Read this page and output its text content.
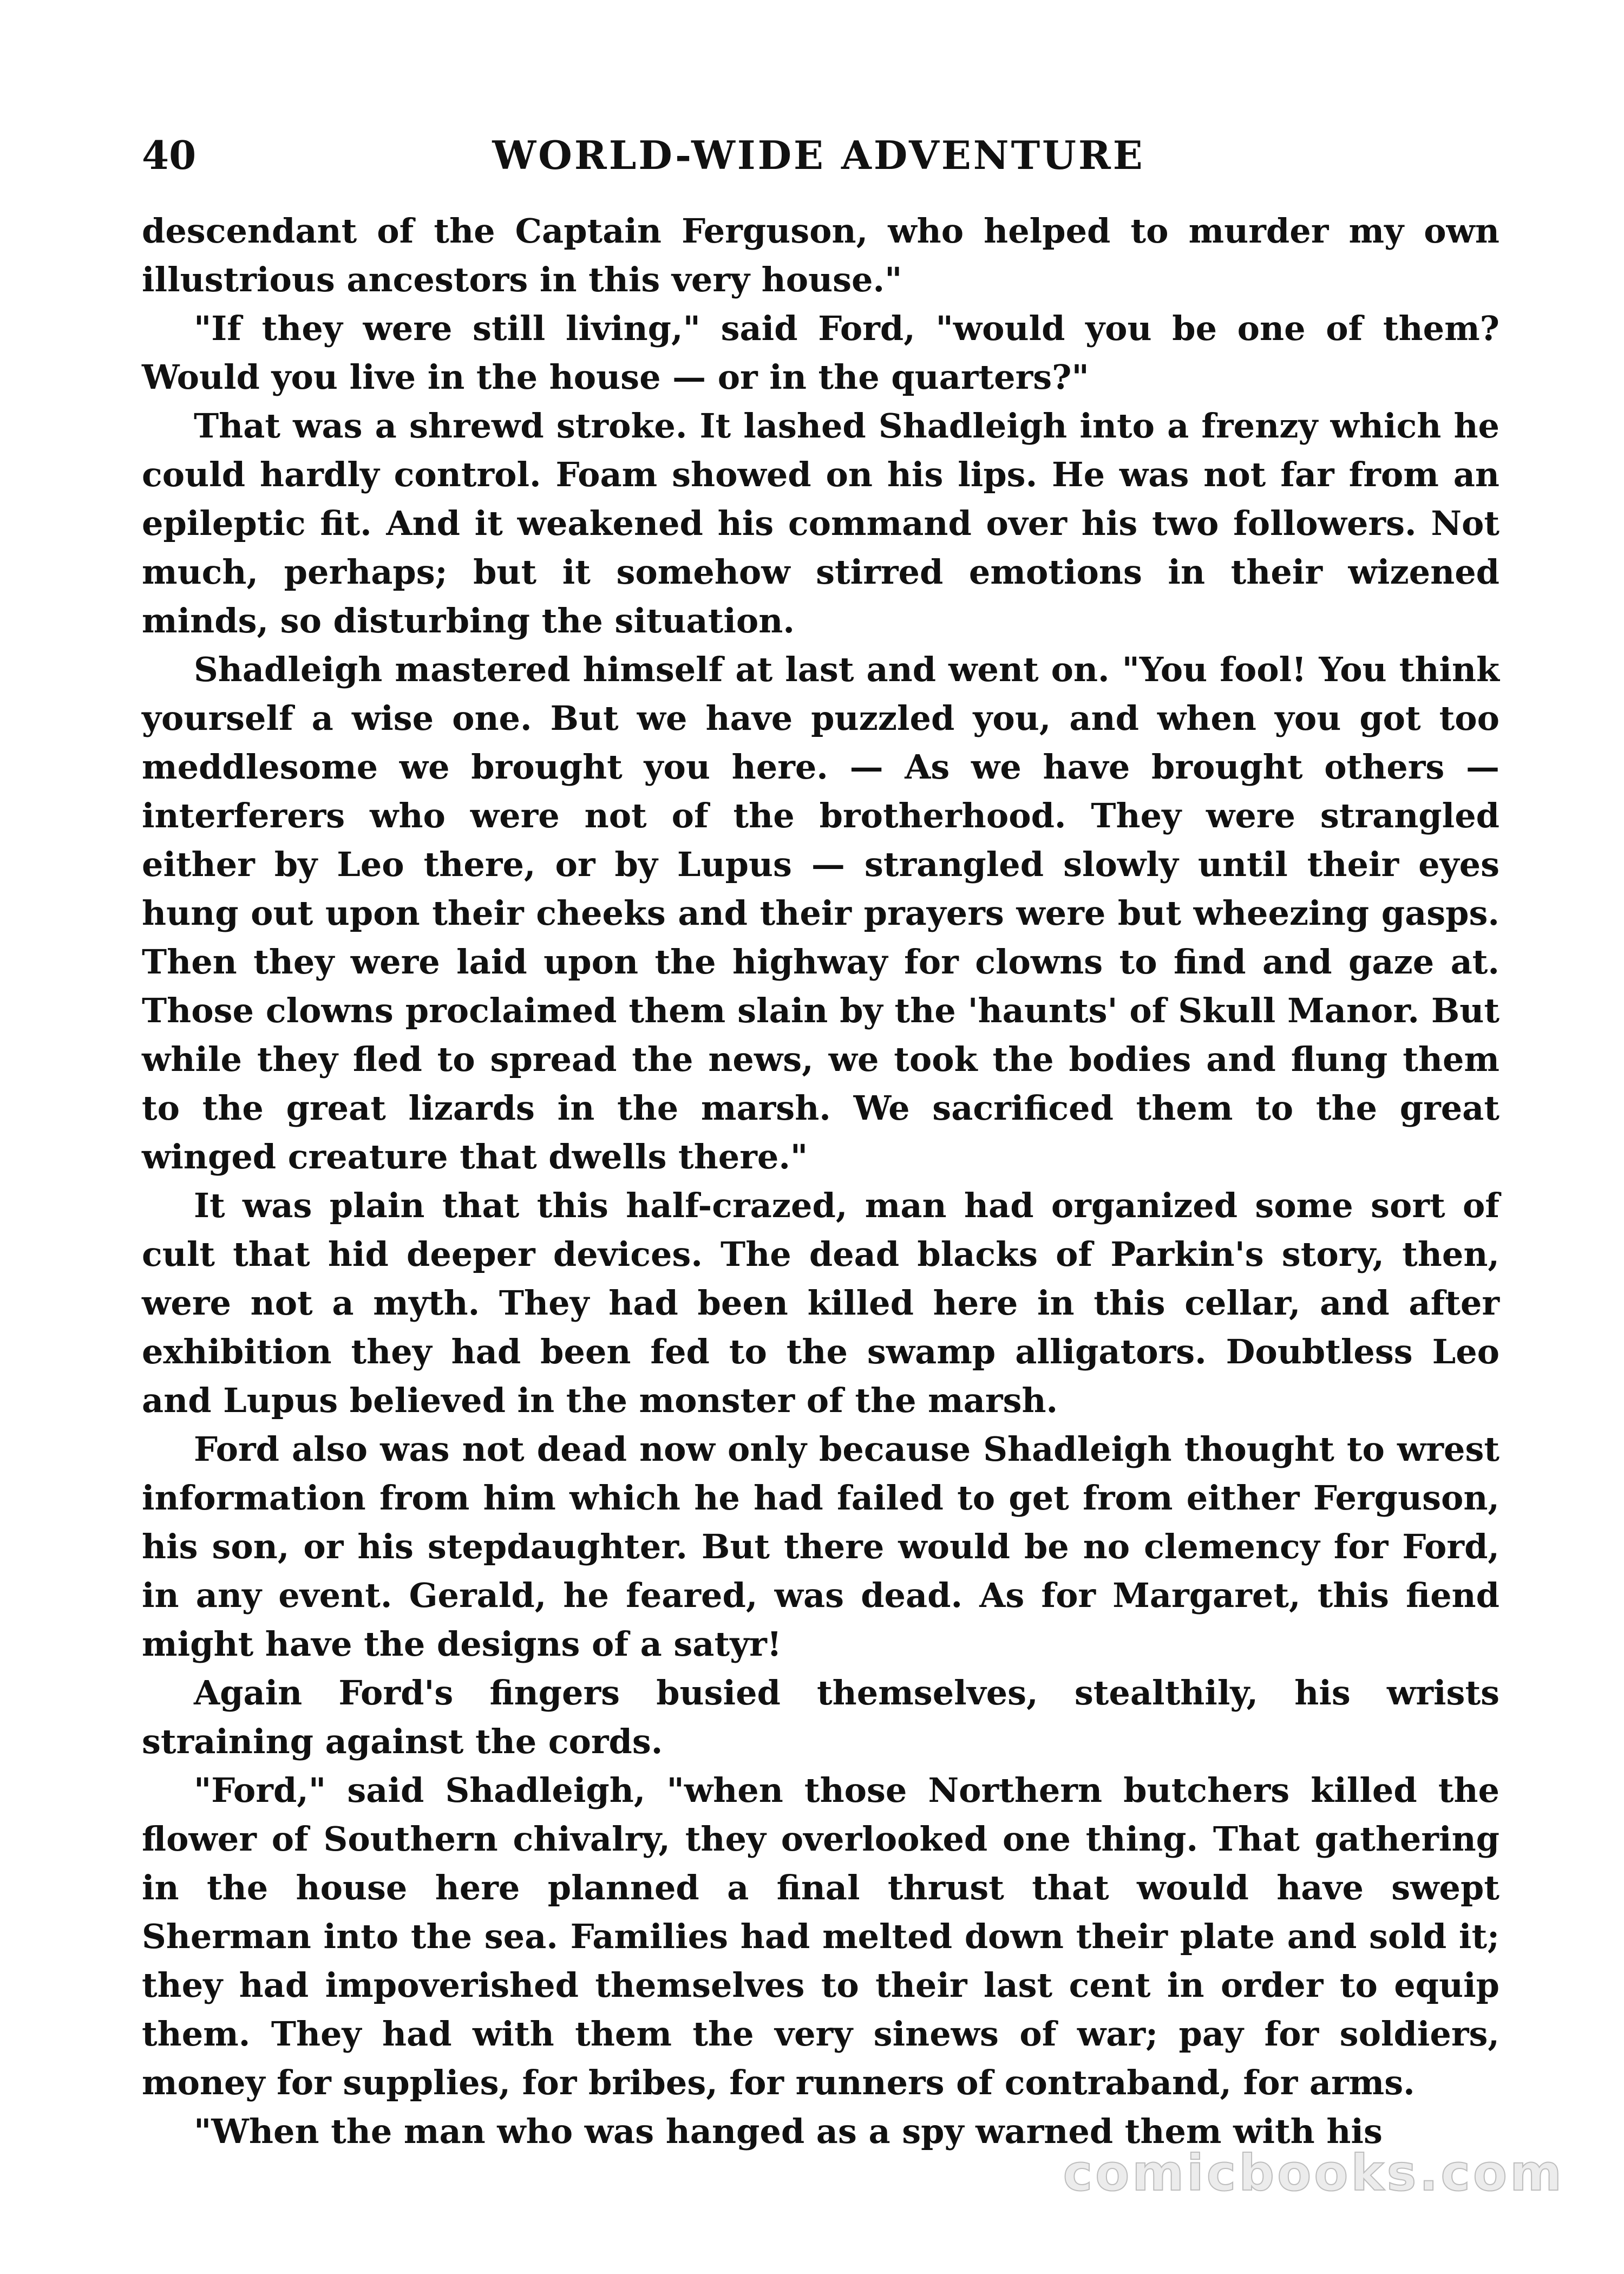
40	WORLD-WIDE ADVENTURE

descendant of the Captain Ferguson, who helped to murder my own illustrious ancestors in this very house."

"If they were still living," said Ford, "would you be one of them? Would you live in the house — or in the quarters?"

That was a shrewd stroke. It lashed Shadleigh into a frenzy which he could hardly control. Foam showed on his lips. He was not far from an epileptic fit. And it weakened his command over his two followers. Not much, perhaps; but it somehow stirred emotions in their wizened minds, so disturbing the situation.

Shadleigh mastered himself at last and went on. "You fool! You think yourself a wise one. But we have puzzled you, and when you got too meddlesome we brought you here. — As we have brought others — interferers who were not of the brotherhood. They were strangled either by Leo there, or by Lupus — strangled slowly until their eyes hung out upon their cheeks and their prayers were but wheezing gasps. Then they were laid upon the highway for clowns to find and gaze at. Those clowns proclaimed them slain by the 'haunts' of Skull Manor. But while they fled to spread the news, we took the bodies and flung them to the great lizards in the marsh. We sacrificed them to the great winged creature that dwells there."

It was plain that this half-crazed, man had organized some sort of cult that hid deeper devices. The dead blacks of Parkin's story, then, were not a myth. They had been killed here in this cellar, and after exhibition they had been fed to the swamp alligators. Doubtless Leo and Lupus believed in the monster of the marsh.

Ford also was not dead now only because Shadleigh thought to wrest information from him which he had failed to get from either Ferguson, his son, or his stepdaughter. But there would be no clemency for Ford, in any event. Gerald, he feared, was dead. As for Margaret, this fiend might have the designs of a satyr!

Again Ford's fingers busied themselves, stealthily, his wrists straining against the cords.

"Ford," said Shadleigh, "when those Northern butchers killed the flower of Southern chivalry, they overlooked one thing. That gathering in the house here planned a final thrust that would have swept Sherman into the sea. Families had melted down their plate and sold it; they had impoverished themselves to their last cent in order to equip them. They had with them the very sinews of war; pay for soldiers, money for supplies, for bribes, for runners of contraband, for arms.

"When the man who was hanged as a spy warned them with his

comicbooks.com
